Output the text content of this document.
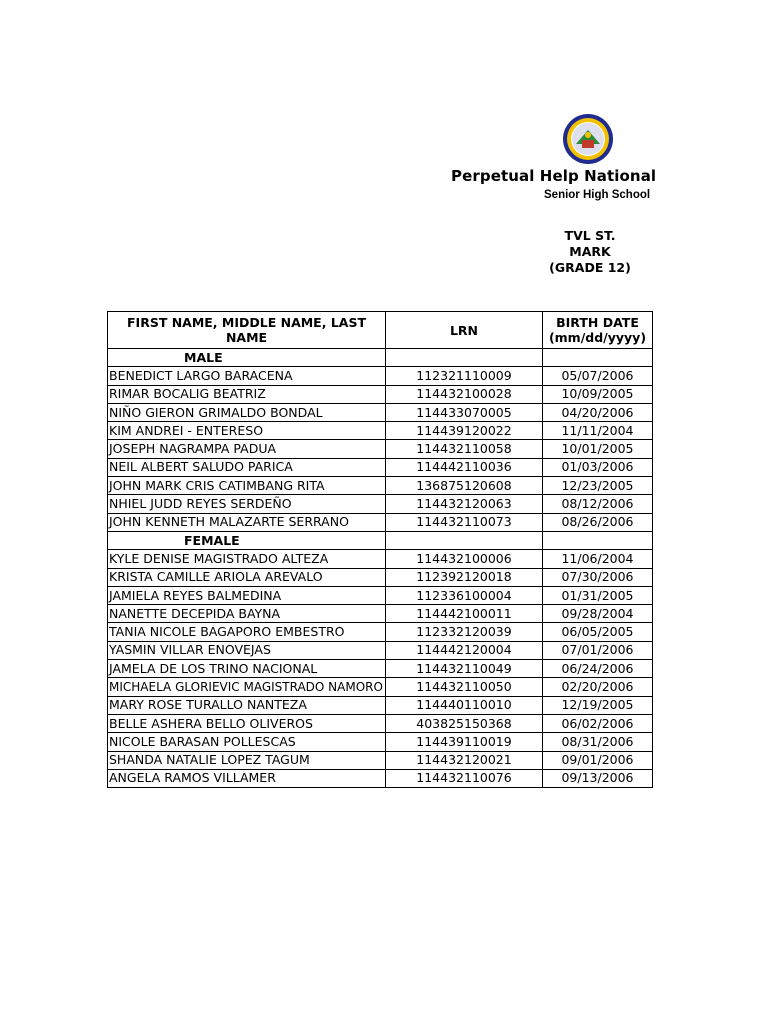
Perpetual Help National
Senior High School
TVL ST.
MARK
(GRADE 12)
FIRST NAME, MIDDLE NAME, LAST NAME	LRN	BIRTH DATE (mm/dd/yyyy)
MALE		
BENEDICT LARGO BARACENA	112321110009	05/07/2006
RIMAR BOCALIG BEATRIZ	114432100028	10/09/2005
NIÑO GIERON GRIMALDO BONDAL	114433070005	04/20/2006
KIM ANDREI - ENTERESO	114439120022	11/11/2004
JOSEPH NAGRAMPA PADUA	114432110058	10/01/2005
NEIL ALBERT SALUDO PARICA	114442110036	01/03/2006
JOHN MARK CRIS CATIMBANG RITA	136875120608	12/23/2005
NHIEL JUDD REYES SERDEÑO	114432120063	08/12/2006
JOHN KENNETH MALAZARTE SERRANO	114432110073	08/26/2006
FEMALE		
KYLE DENISE MAGISTRADO ALTEZA	114432100006	11/06/2004
KRISTA CAMILLE ARIOLA AREVALO	112392120018	07/30/2006
JAMIELA REYES BALMEDINA	112336100004	01/31/2005
NANETTE DECEPIDA BAYNA	114442100011	09/28/2004
TANIA NICOLE BAGAPORO EMBESTRO	112332120039	06/05/2005
YASMIN VILLAR ENOVEJAS	114442120004	07/01/2006
JAMELA DE LOS TRINO NACIONAL	114432110049	06/24/2006
MICHAELA GLORIEVIC MAGISTRADO NAMORO	114432110050	02/20/2006
MARY ROSE TURALLO NANTEZA	114440110010	12/19/2005
BELLE ASHERA BELLO OLIVEROS	403825150368	06/02/2006
NICOLE BARASAN POLLESCAS	114439110019	08/31/2006
SHANDA NATALIE LOPEZ TAGUM	114432120021	09/01/2006
ANGELA RAMOS VILLAMER	114432110076	09/13/2006
